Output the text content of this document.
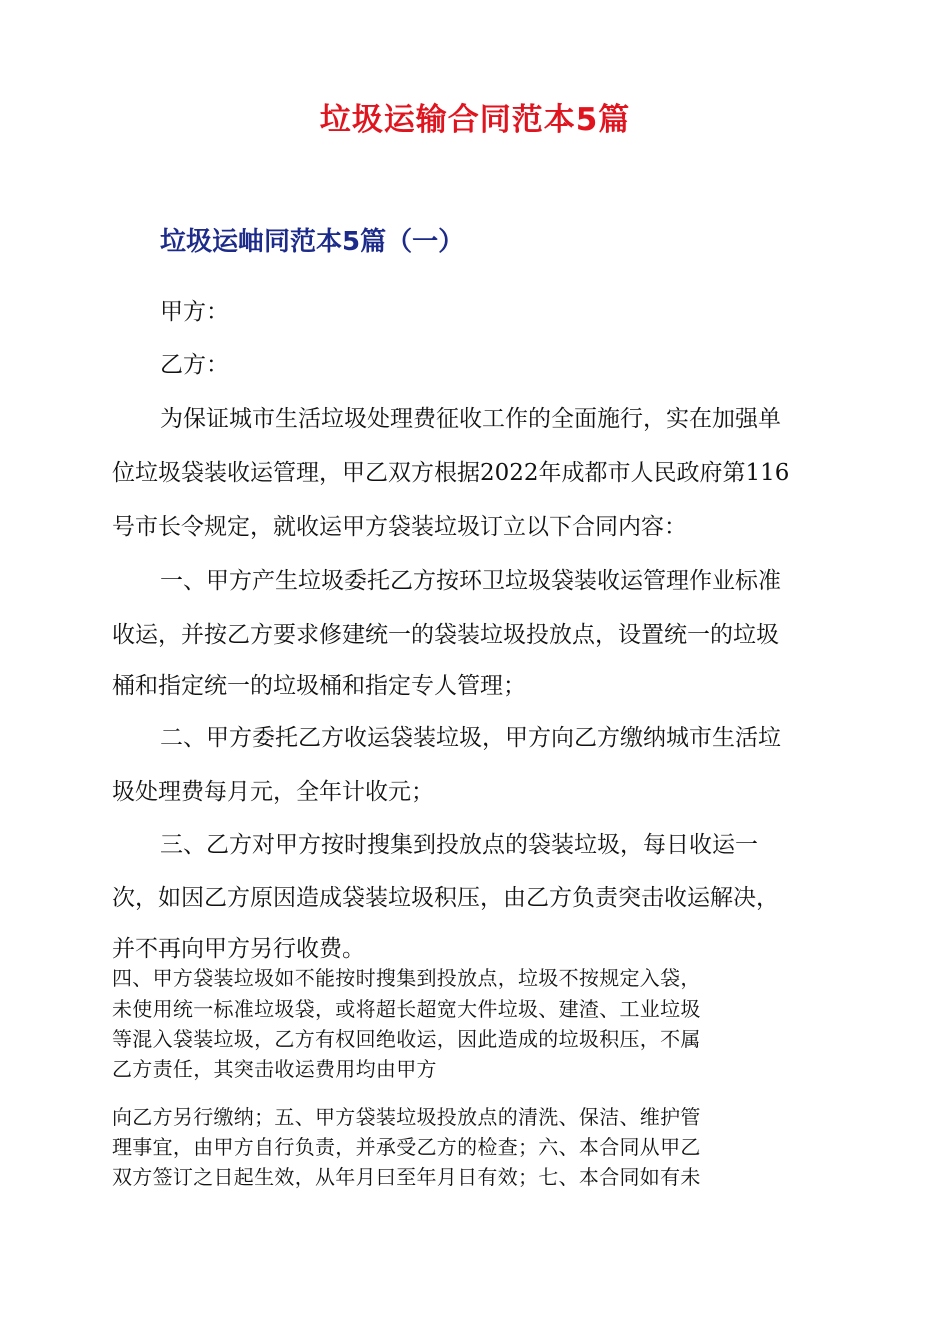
垃圾运输合同范本5篇
垃圾运岫同范本5篇（一）

甲方：

乙方：

为保证城市生活垃圾处理费征收工作的全面施行，实在加强单

位垃圾袋装收运管理，甲乙双方根据2022年成都市人民政府第116

号市长令规定，就收运甲方袋装垃圾订立以下合同内容：

一、甲方产生垃圾委托乙方按环卫垃圾袋装收运管理作业标准

收运，并按乙方要求修建统一的袋装垃圾投放点，设置统一的垃圾

桶和指定统一的垃圾桶和指定专人管理；

二、甲方委托乙方收运袋装垃圾，甲方向乙方缴纳城市生活垃

圾处理费每月元，全年计收元；

三、乙方对甲方按时搜集到投放点的袋装垃圾，每日收运一

次，如因乙方原因造成袋装垃圾积压，由乙方负责突击收运解决，

并不再向甲方另行收费。

四、甲方袋装垃圾如不能按时搜集到投放点，垃圾不按规定入袋，

未使用统一标准垃圾袋，或将超长超宽大件垃圾、建渣、工业垃圾

等混入袋装垃圾，乙方有权回绝收运，因此造成的垃圾积压，不属

乙方责任，其突击收运费用均由甲方

向乙方另行缴纳；五、甲方袋装垃圾投放点的清洗、保洁、维护管

理事宜，由甲方自行负责，并承受乙方的检查；六、本合同从甲乙

双方签订之日起生效，从年月曰至年月日有效；七、本合同如有未
